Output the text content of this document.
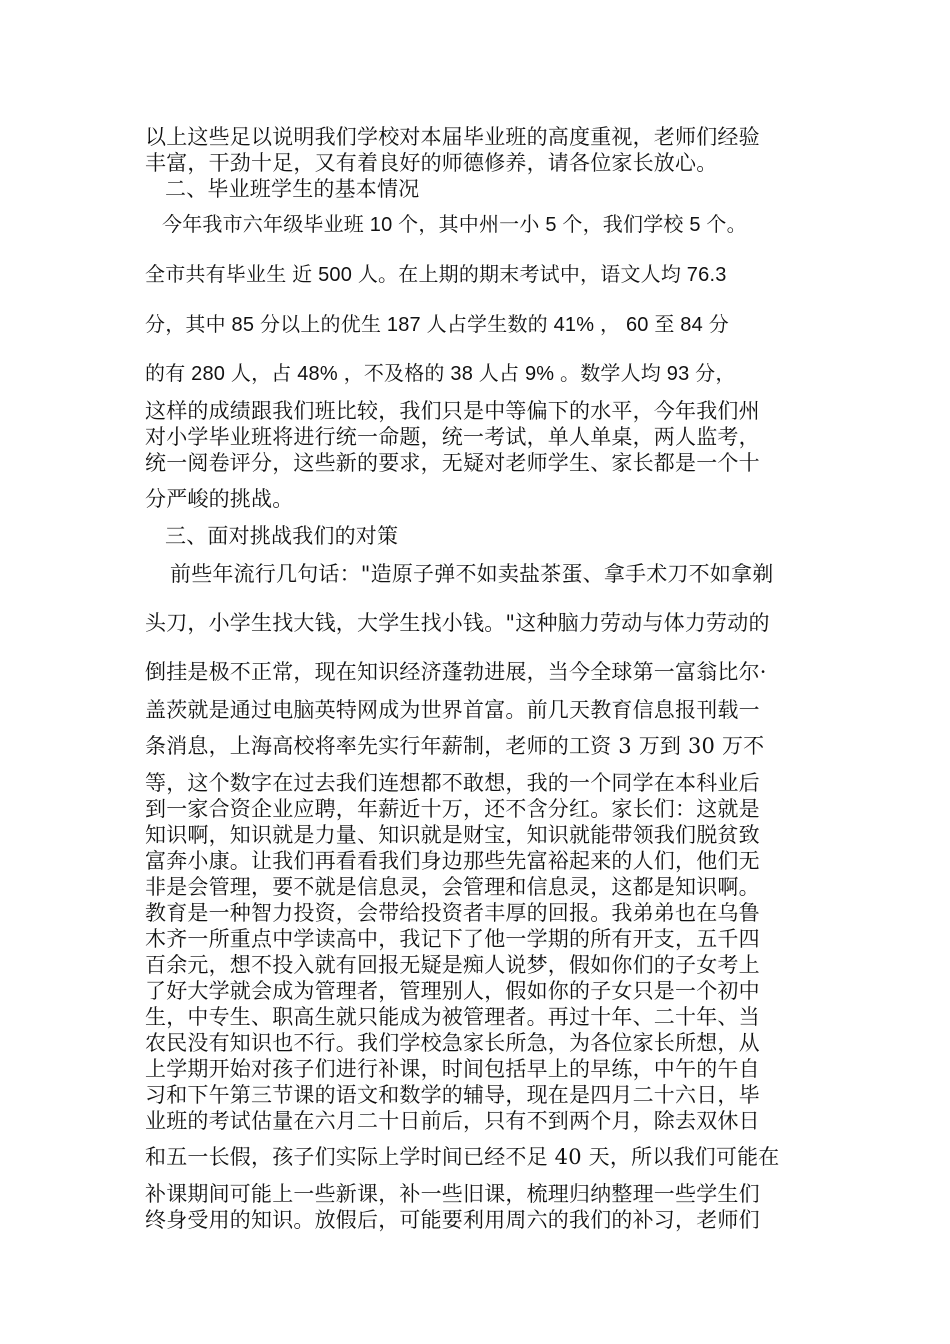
以上这些足以说明我们学校对本届毕业班的高度重视，老师们经验
丰富，干劲十足，又有着良好的师德修养，请各位家长放心。
二、毕业班学生的基本情况
今年我市六年级毕业班 10 个，其中州一小 5 个，我们学校 5 个。
全市共有毕业生 近 500 人。在上期的期末考试中，语文人均 76.3
分，其中 85 分以上的优生 187 人占学生数的 41% ， 60 至 84 分
的有 280 人，占 48% ，不及格的 38 人占 9% 。数学人均 93 分，
这样的成绩跟我们班比较，我们只是中等偏下的水平，今年我们州
对小学毕业班将进行统一命题，统一考试，单人单桌，两人监考，
统一阅卷评分，这些新的要求，无疑对老师学生、家长都是一个十
分严峻的挑战。
三、面对挑战我们的对策
前些年流行几句话："造原子弹不如卖盐茶蛋、拿手术刀不如拿剃
头刀，小学生找大钱，大学生找小钱。"这种脑力劳动与体力劳动的
倒挂是极不正常，现在知识经济蓬勃进展，当今全球第一富翁比尔·
盖茨就是通过电脑英特网成为世界首富。前几天教育信息报刊载一
条消息，上海高校将率先实行年薪制，老师的工资 3 万到 30 万不
等，这个数字在过去我们连想都不敢想，我的一个同学在本科业后
到一家合资企业应聘，年薪近十万，还不含分红。家长们：这就是
知识啊，知识就是力量、知识就是财宝，知识就能带领我们脱贫致
富奔小康。让我们再看看我们身边那些先富裕起来的人们，他们无
非是会管理，要不就是信息灵，会管理和信息灵，这都是知识啊。
教育是一种智力投资，会带给投资者丰厚的回报。我弟弟也在乌鲁
木齐一所重点中学读高中，我记下了他一学期的所有开支，五千四
百余元，想不投入就有回报无疑是痴人说梦，假如你们的子女考上
了好大学就会成为管理者，管理别人，假如你的子女只是一个初中
生，中专生、职高生就只能成为被管理者。再过十年、二十年、当
农民没有知识也不行。我们学校急家长所急，为各位家长所想，从
上学期开始对孩子们进行补课，时间包括早上的早练，中午的午自
习和下午第三节课的语文和数学的辅导，现在是四月二十六日，毕
业班的考试估量在六月二十日前后，只有不到两个月，除去双休日
和五一长假，孩子们实际上学时间已经不足 40 天，所以我们可能在
补课期间可能上一些新课，补一些旧课，梳理归纳整理一些学生们
终身受用的知识。放假后，可能要利用周六的我们的补习，老师们
